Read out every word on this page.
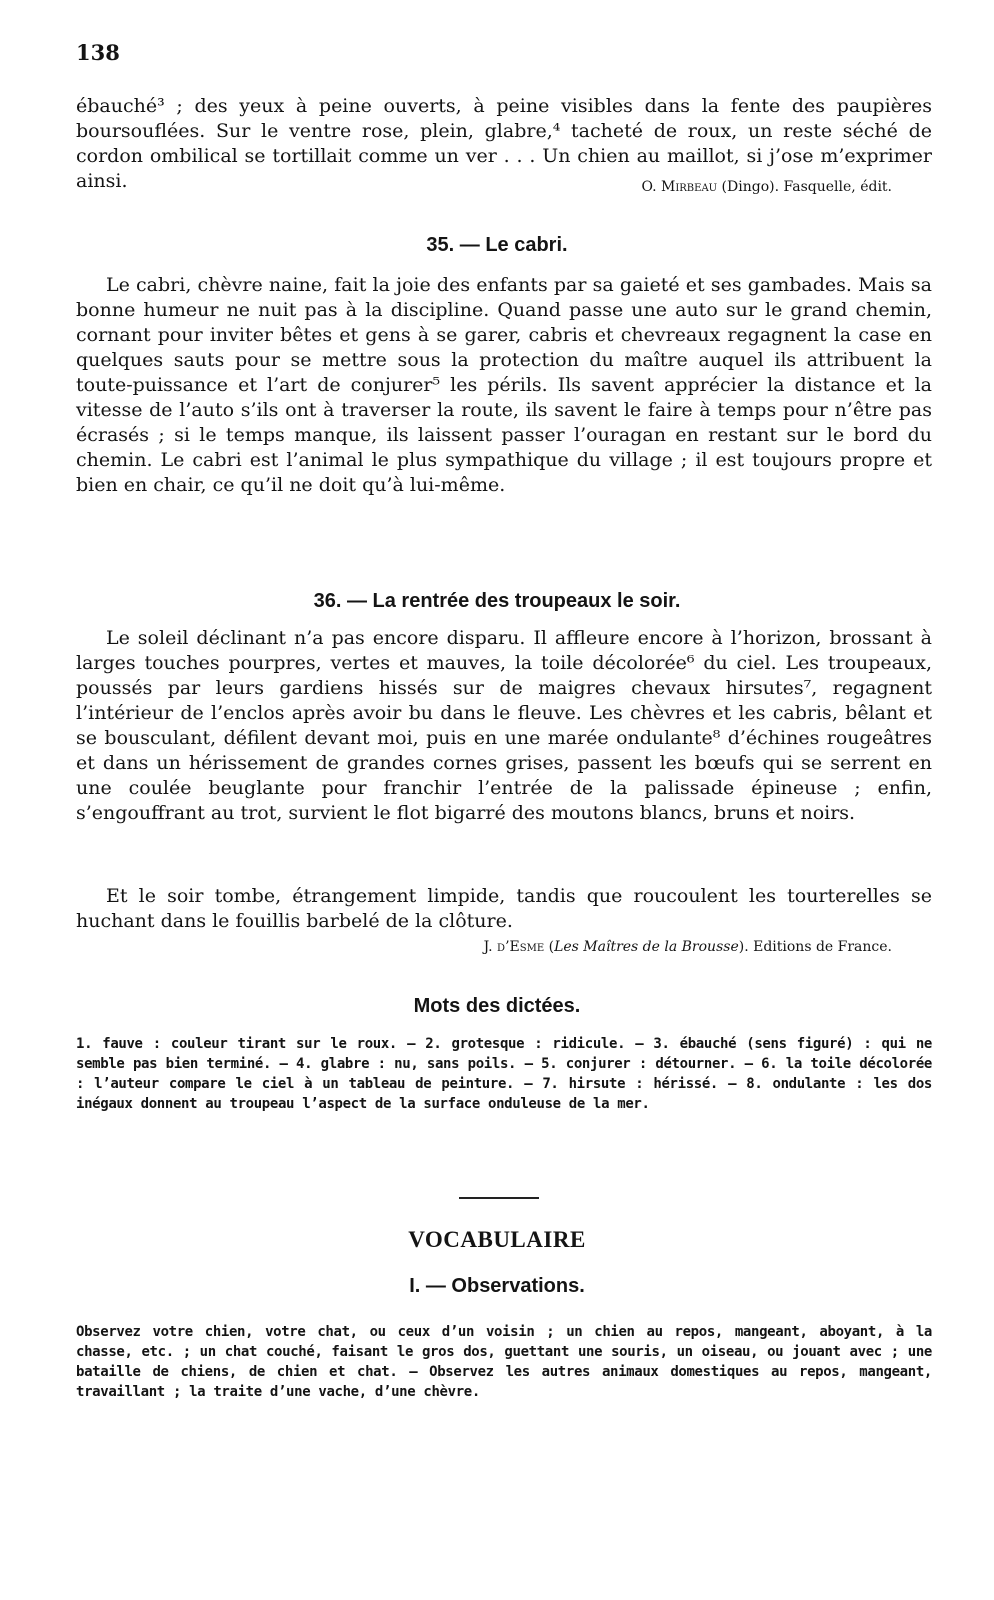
138

ébauché³ ; des yeux à peine ouverts, à peine visibles dans la fente des paupières boursouflées. Sur le ventre rose, plein, glabre,⁴ tacheté de roux, un reste séché de cordon ombilical se tortillait comme un ver . . . Un chien au maillot, si j’ose m’exprimer ainsi.	O. Mirbeau (Dingo). Fasquelle, édit.
35. — Le cabri.

Le cabri, chèvre naine, fait la joie des enfants par sa gaieté et ses gambades. Mais sa bonne humeur ne nuit pas à la discipline. Quand passe une auto sur le grand chemin, cornant pour inviter bêtes et gens à se garer, cabris et chevreaux regagnent la case en quelques sauts pour se mettre sous la protection du maître auquel ils attribuent la toute-puissance et l’art de conjurer⁵ les périls. Ils savent apprécier la distance et la vitesse de l’auto s’ils ont à traverser la route, ils savent le faire à temps pour n’être pas écrasés ; si le temps manque, ils laissent passer l’ouragan en restant sur le bord du chemin. Le cabri est l’animal le plus sympathique du village ; il est toujours propre et bien en chair, ce qu’il ne doit qu’à lui-même.

36. — La rentrée des troupeaux le soir.

Le soleil déclinant n’a pas encore disparu. Il affleure encore à l’horizon, brossant à larges touches pourpres, vertes et mauves, la toile décolorée⁶ du ciel. Les troupeaux, poussés par leurs gardiens hissés sur de maigres chevaux hirsutes⁷, regagnent l’intérieur de l’enclos après avoir bu dans le fleuve. Les chèvres et les cabris, bêlant et se bousculant, défilent devant moi, puis en une marée ondulante⁸ d’échines rougeâtres et dans un hérissement de grandes cornes grises, passent les bœufs qui se serrent en une coulée beuglante pour franchir l’entrée de la palissade épineuse ; enfin, s’engouffrant au trot, survient le flot bigarré des moutons blancs, bruns et noirs.

Et le soir tombe, étrangement limpide, tandis que roucoulent les tourterelles se huchant dans le fouillis barbelé de la clôture.

J. d’Esme (Les Maîtres de la Brousse). Editions de France.
Mots des dictées.

1. fauve : couleur tirant sur le roux. — 2. grotesque : ridicule. — 3. ébauché (sens figuré) : qui ne semble pas bien terminé. — 4. glabre : nu, sans poils. — 5. conjurer : détourner. — 6. la toile décolorée : l’auteur compare le ciel à un tableau de peinture. — 7. hirsute : hérissé. — 8. ondulante : les dos inégaux donnent au troupeau l’aspect de la surface onduleuse de la mer.

VOCABULAIRE
I. — Observations.

Observez votre chien, votre chat, ou ceux d’un voisin ; un chien au repos, mangeant, aboyant, à la chasse, etc. ; un chat couché, faisant le gros dos, guettant une souris, un oiseau, ou jouant avec ; une bataille de chiens, de chien et chat. — Observez les autres animaux domestiques au repos, mangeant, travaillant ; la traite d’une vache, d’une chèvre.
